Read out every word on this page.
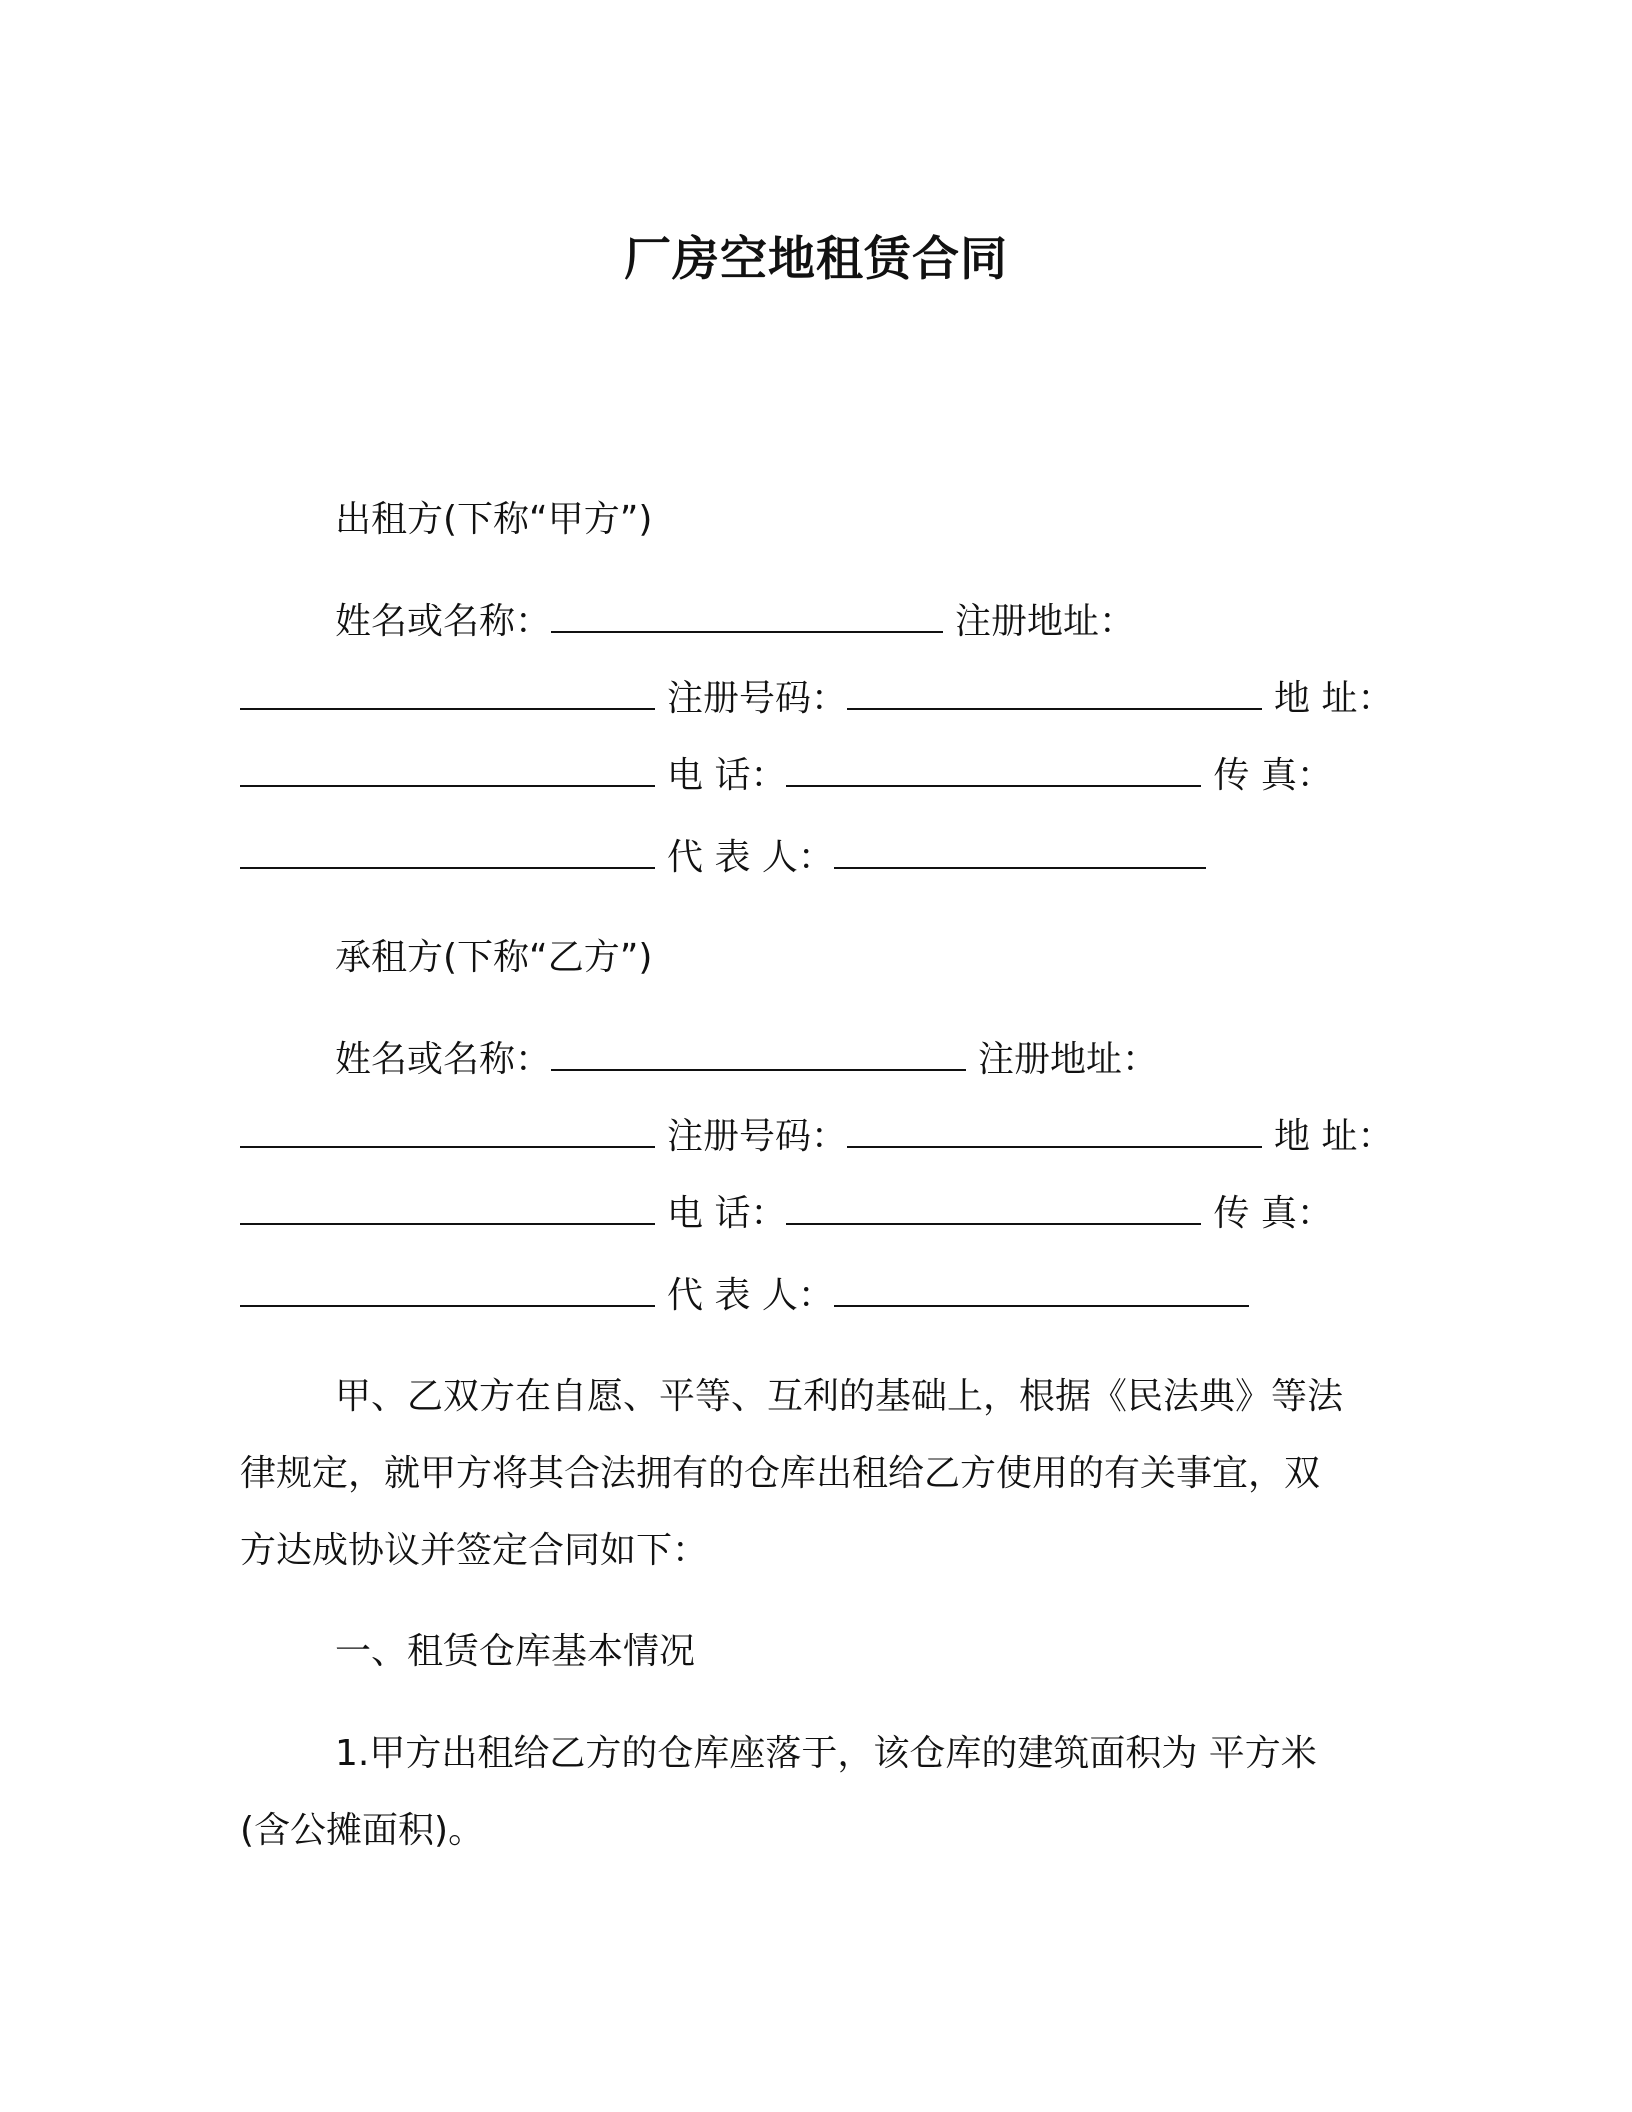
厂房空地租赁合同
出租方(下称“甲方”)
姓名或名称：	注册地址：
注册号码：	地 址：
电 话：	传 真：
代 表 人：
承租方(下称“乙方”)
姓名或名称：	注册地址：
注册号码：	地 址：
电 话：	传 真：
代 表 人：
甲、乙双方在自愿、平等、互利的基础上，根据《民法典》等法
律规定，就甲方将其合法拥有的仓库出租给乙方使用的有关事宜，双
方达成协议并签定合同如下：
一、租赁仓库基本情况
1.甲方出租给乙方的仓库座落于，该仓库的建筑面积为 平方米
(含公摊面积)。
